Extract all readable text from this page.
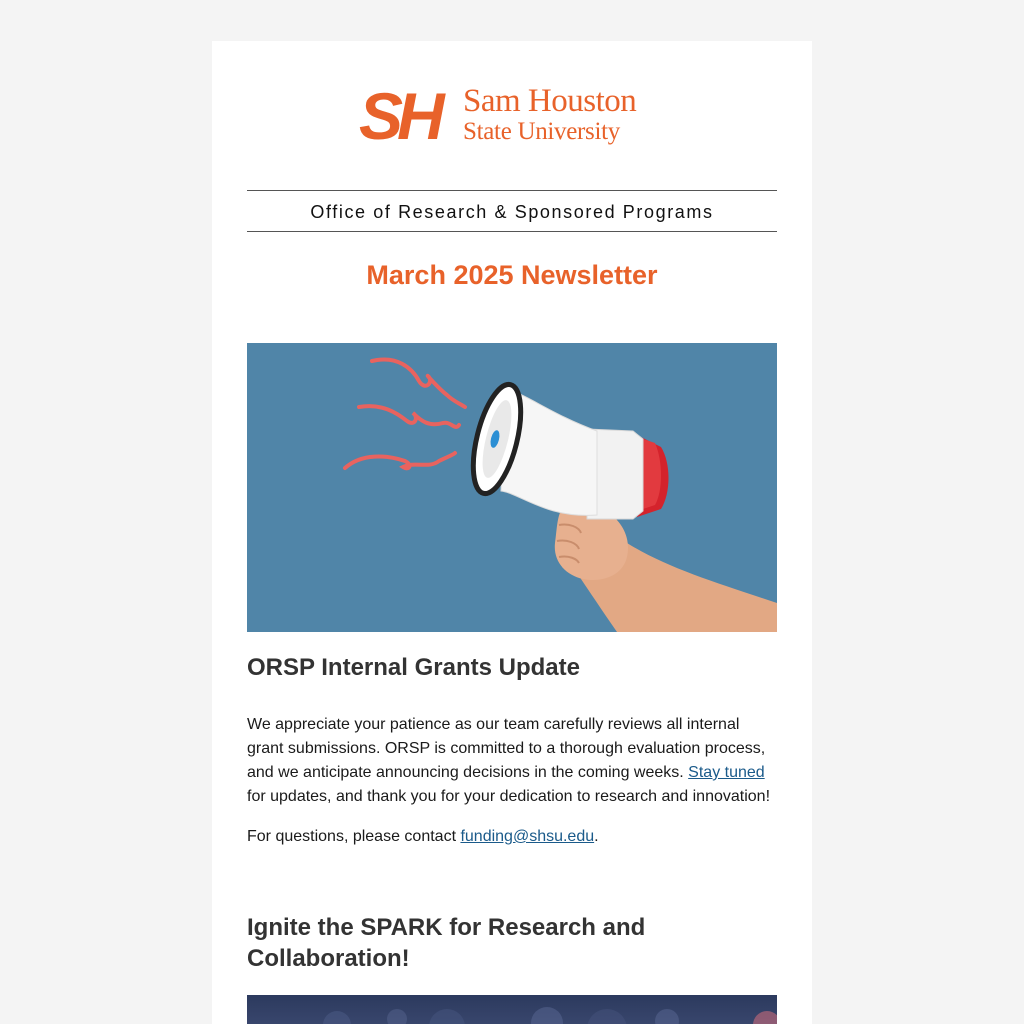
SH Sam Houston
State University
Office of Research & Sponsored Programs
March 2025 Newsletter
ORSP Internal Grants Update
We appreciate your patience as our team carefully reviews all internal grant submissions. ORSP is committed to a thorough evaluation process, and we anticipate announcing decisions in the coming weeks. Stay tuned for updates, and thank you for your dedication to research and innovation!
For questions, please contact funding@shsu.edu.
Ignite the SPARK for Research and Collaboration!
